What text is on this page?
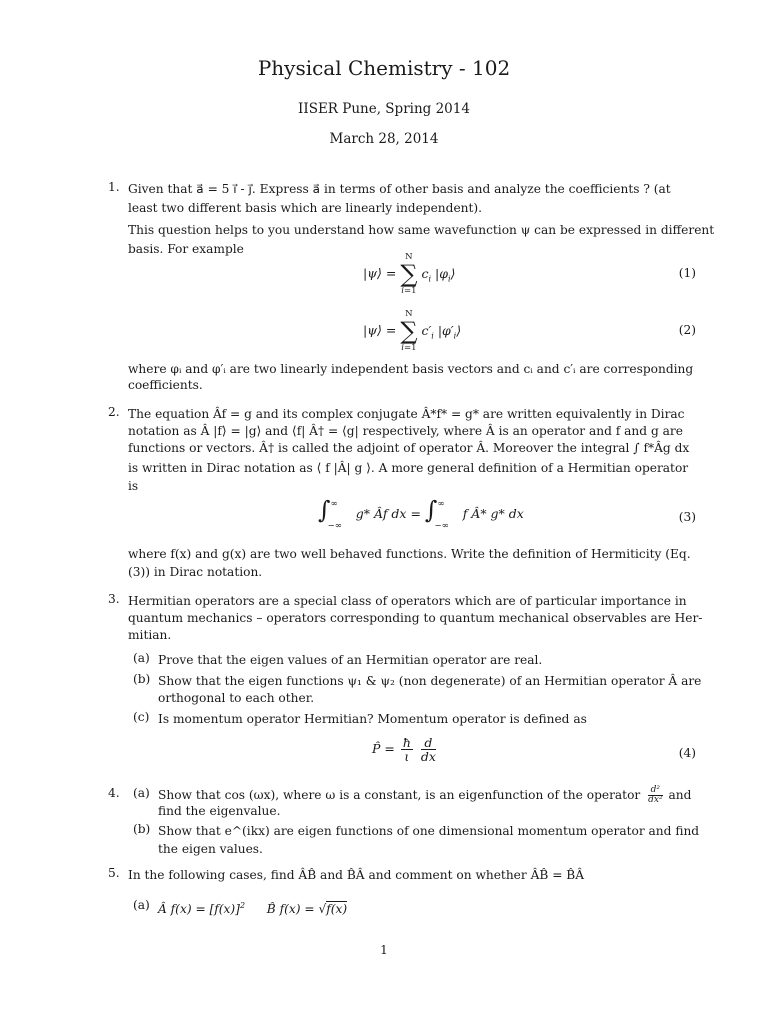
Physical Chemistry - 102
IISER Pune, Spring 2014
March 28, 2014
1. Given that a⃗ = 5 i⃗ - j⃗. Express a⃗ in terms of other basis and analyze the coefficients ? (at
least two different basis which are linearly independent).
This question helps to you understand how same wavefunction ψ can be expressed in different
basis. For example
|ψ⟩ =
N
∑
i=1
$c_i$ $|\varphi_i⟩$	(1)
|ψ⟩ =
N
∑
i=1
$c'_i$ $|\varphi'_i⟩$	(2)
where φᵢ and φ′ᵢ are two linearly independent basis vectors and cᵢ and c′ᵢ are corresponding
coefficients.
2. The equation Âf = g and its complex conjugate Â*f* = g* are written equivalently in Dirac
notation as Â |f⟩ = |g⟩ and ⟨f| Â† = ⟨g| respectively, where Â is an operator and f and g are
functions or vectors. Â† is called the adjoint of operator Â. Moreover the integral ∫ f*Âg dx
is written in Dirac notation as ⟨ f |Â| g ⟩. A more general definition of a Hermitian operator
is
$\int^\infty_{-\infty}$ g* Âf dx = $\int^\infty_{-\infty}$ f Â* g* dx	(3)
where f(x) and g(x) are two well behaved functions. Write the definition of Hermiticity (Eq.
(3)) in Dirac notation.
3. Hermitian operators are a special class of operators which are of particular importance in
quantum mechanics – operators corresponding to quantum mechanical observables are Her-
mitian.
(a) Prove that the eigen values of an Hermitian operator are real.
(b) Show that the eigen functions ψ₁ & ψ₂ (non degenerate) of an Hermitian operator Â are
orthogonal to each other.
(c) Is momentum operator Hermitian? Momentum operator is defined as
P̂ = $\frac{ħ}{\iota}$
$\frac{d}{dx}$	(4)
4.	(a) Show that cos (ωx), where ω is a constant, is an eigenfunction of the operator $\frac{\text{d²}}{\text{dx²}}$ and
find the eigenvalue.
(b) Show that e^(ikx) are eigen functions of one dimensional momentum operator and find
the eigen values.
5. In the following cases, find ÂB̂ and B̂Â and comment on whether ÂB̂ = B̂Â
(a) Â $f(x) = [f(x)]^2$ B̂ f(x) = √f(x)
1
